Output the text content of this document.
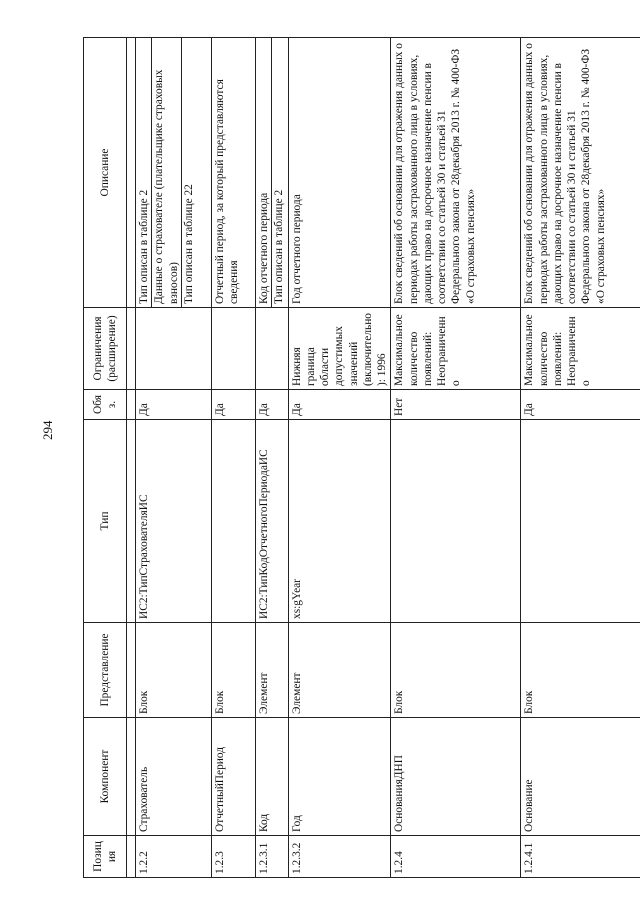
294
Позиция	Компонент	Представление	Тип	Обяз.	Ограничения (расширение)	Описание

1.2.2	Страхователь	Блок	ИС2:ТипСтрахователяИС	Да		Тип описан в таблице 2 Данные о страхователе (плательщике страховых взносов) Тип описан в таблице 22

1.2.3	ОтчетныйПериод	Блок		Да		Отчетный период, за который представляются сведения

1.2.3.1	Код	Элемент	ИС2:ТипКодОтчетногоПериодаИС	Да		Код отчетного периода Тип описан в таблице 2

1.2.3.2	Год	Элемент	xs:gYear	Да	Нижняя граница области допустимых значений (включительно): 1996	Год отчетного периода

1.2.4	ОснованияДНП	Блок		Нет	Максимальное количество появлений: Неограниченно	Блок сведений об основании для отражения данных о периодах работы застрахованного лица в условиях, дающих право на досрочное назначение пенсии в соответствии со статьей 30 и статьей 31 Федерального закона от 28декабря 2013 г. № 400-ФЗ «О страховых пенсиях»

1.2.4.1	Основание	Блок		Да	Максимальное количество появлений: Неограниченно	Блок сведений об основании для отражения данных о периодах работы застрахованного лица в условиях, дающих право на досрочное назначение пенсии в соответствии со статьей 30 и статьей 31 Федерального закона от 28декабря 2013 г. № 400-ФЗ «О страховых пенсиях»
